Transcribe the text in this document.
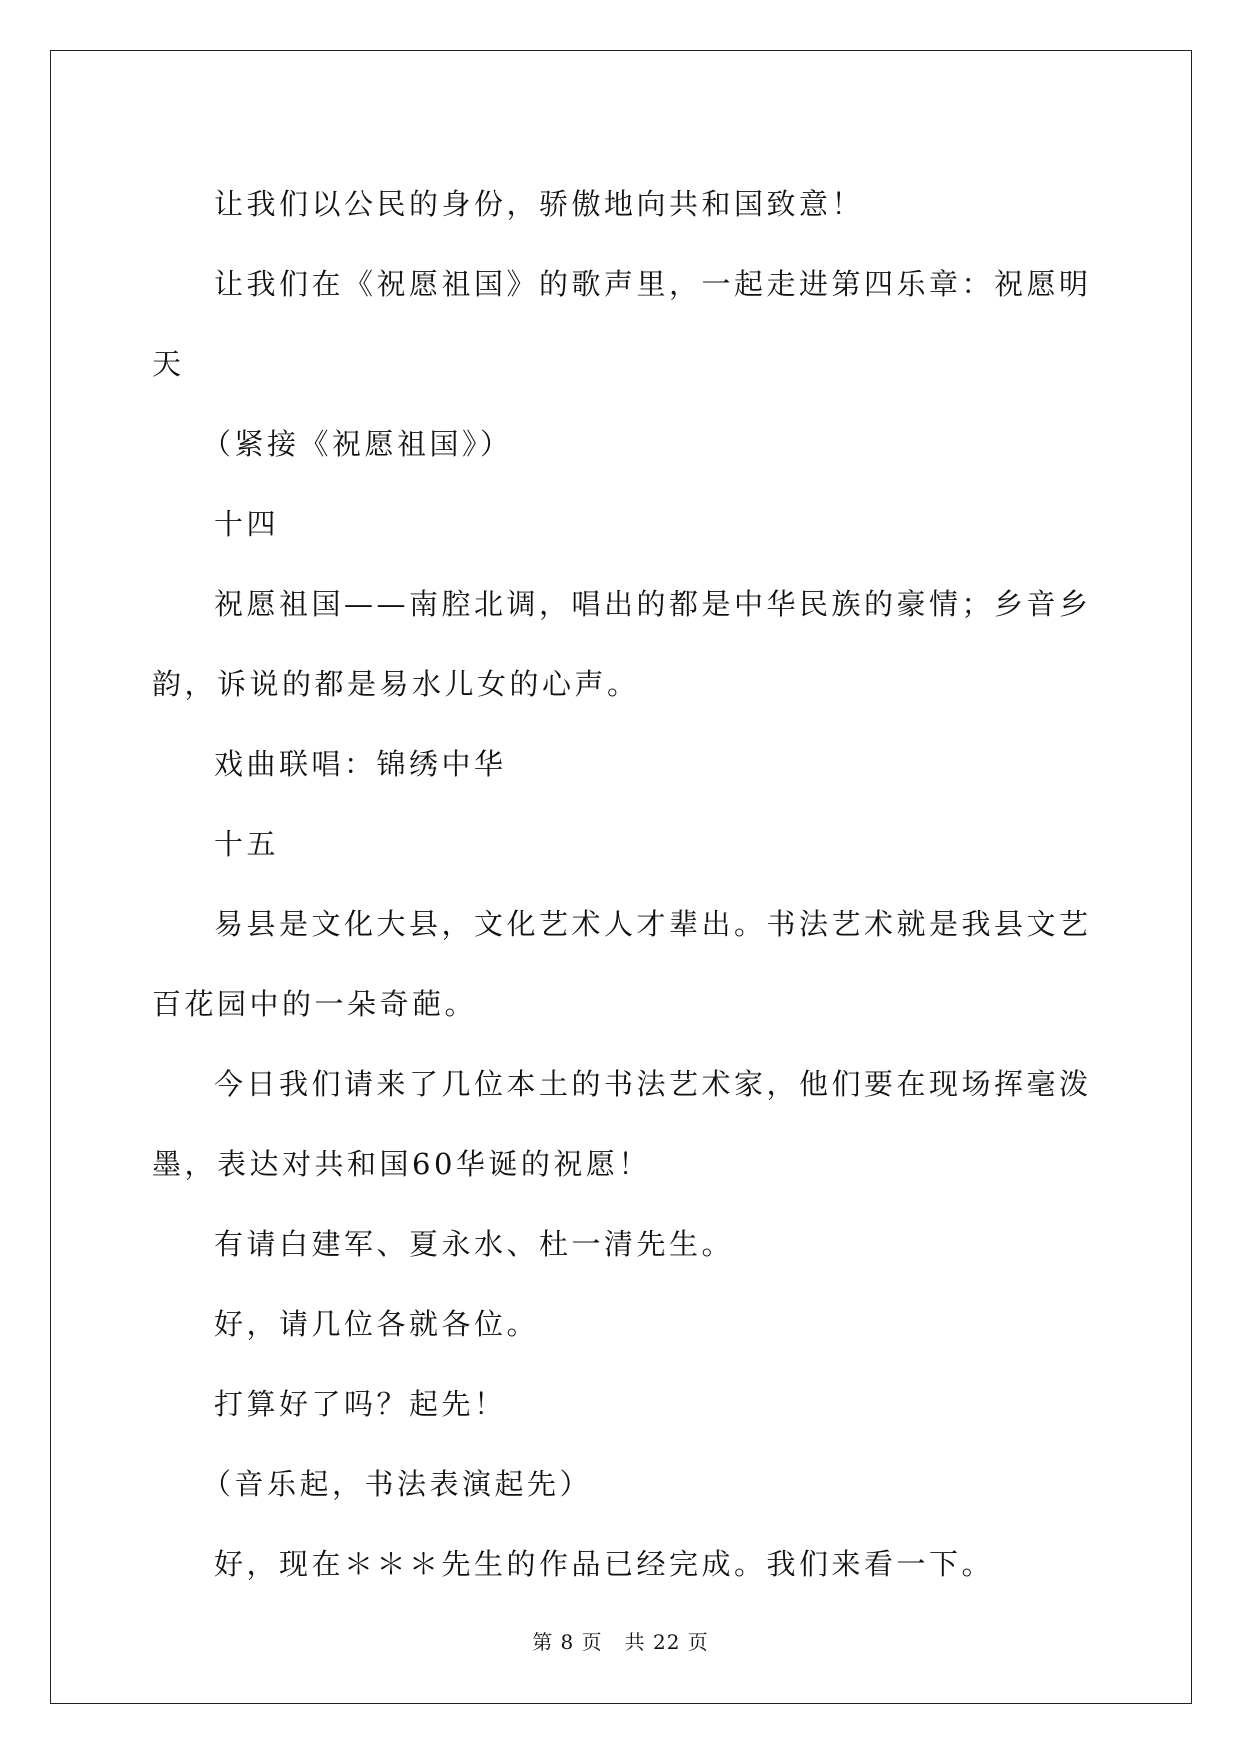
让我们以公民的身份，骄傲地向共和国致意！

让我们在《祝愿祖国》的歌声里，一起走进第四乐章：祝愿明天

（紧接《祝愿祖国》）

十四

祝愿祖国——南腔北调，唱出的都是中华民族的豪情；乡音乡韵，诉说的都是易水儿女的心声。

戏曲联唱：锦绣中华

十五

易县是文化大县，文化艺术人才辈出。书法艺术就是我县文艺百花园中的一朵奇葩。

今日我们请来了几位本土的书法艺术家，他们要在现场挥毫泼墨，表达对共和国60华诞的祝愿！

有请白建军、夏永水、杜一清先生。

好，请几位各就各位。

打算好了吗？起先！

（音乐起，书法表演起先）

好，现在＊＊＊先生的作品已经完成。我们来看一下。

第 8 页 共 22 页
